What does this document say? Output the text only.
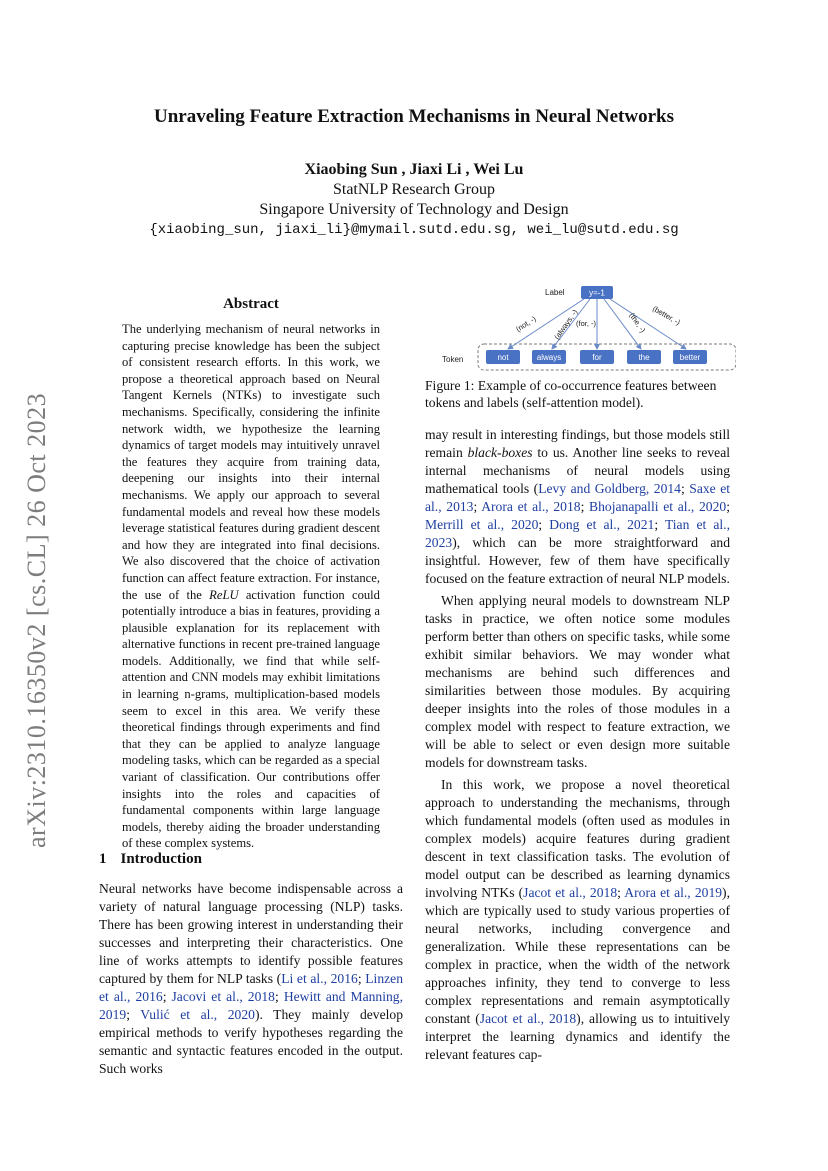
arXiv:2310.16350v2 [cs.CL] 26 Oct 2023
Unraveling Feature Extraction Mechanisms in Neural Networks
Xiaobing Sun , Jiaxi Li , Wei Lu
StatNLP Research Group
Singapore University of Technology and Design
{xiaobing_sun, jiaxi_li}@mymail.sutd.edu.sg, wei_lu@sutd.edu.sg
Abstract
The underlying mechanism of neural networks in capturing precise knowledge has been the subject of consistent research efforts. In this work, we propose a theoretical approach based on Neural Tangent Kernels (NTKs) to investigate such mechanisms. Specifically, considering the infinite network width, we hypothesize the learning dynamics of target models may intuitively unravel the features they acquire from training data, deepening our insights into their internal mechanisms. We apply our approach to several fundamental models and reveal how these models leverage statistical features during gradient descent and how they are integrated into final decisions. We also discovered that the choice of activation function can affect feature extraction. For instance, the use of the ReLU activation function could potentially introduce a bias in features, providing a plausible explanation for its replacement with alternative functions in recent pre-trained language models. Additionally, we find that while self-attention and CNN models may exhibit limitations in learning n-grams, multiplication-based models seem to excel in this area. We verify these theoretical findings through experiments and find that they can be applied to analyze language modeling tasks, which can be regarded as a special variant of classification. Our contributions offer insights into the roles and capacities of fundamental components within large language models, thereby aiding the broader understanding of these complex systems.
1 Introduction

Neural networks have become indispensable across a variety of natural language processing (NLP) tasks. There has been growing interest in understanding their successes and interpreting their characteristics. One line of works attempts to identify possible features captured by them for NLP tasks (Li et al., 2016; Linzen et al., 2016; Jacovi et al., 2018; Hewitt and Manning, 2019; Vulić et al., 2020). They mainly develop empirical methods to verify hypotheses regarding the semantic and syntactic features encoded in the output. Such works

Label	y=-1
Token	not	always	for	the	better
(not, -) (always, -)
(for, -)	(the, -) (better, -)
Figure 1: Example of co-occurrence features between tokens and labels (self-attention model).

may result in interesting findings, but those models still remain black-boxes to us. Another line seeks to reveal internal mechanisms of neural models using mathematical tools (Levy and Goldberg, 2014; Saxe et al., 2013; Arora et al., 2018; Bhojanapalli et al., 2020; Merrill et al., 2020; Dong et al., 2021; Tian et al., 2023), which can be more straightforward and insightful. However, few of them have specifically focused on the feature extraction of neural NLP models.

When applying neural models to downstream NLP tasks in practice, we often notice some modules perform better than others on specific tasks, while some exhibit similar behaviors. We may wonder what mechanisms are behind such differences and similarities between those modules. By acquiring deeper insights into the roles of those modules in a complex model with respect to feature extraction, we will be able to select or even design more suitable models for downstream tasks.

In this work, we propose a novel theoretical approach to understanding the mechanisms, through which fundamental models (often used as modules in complex models) acquire features during gradient descent in text classification tasks. The evolution of model output can be described as learning dynamics involving NTKs (Jacot et al., 2018; Arora et al., 2019), which are typically used to study various properties of neural networks, including convergence and generalization. While these representations can be complex in practice, when the width of the network approaches infinity, they tend to converge to less complex representations and remain asymptotically constant (Jacot et al., 2018), allowing us to intuitively interpret the learning dynamics and identify the relevant features cap-
